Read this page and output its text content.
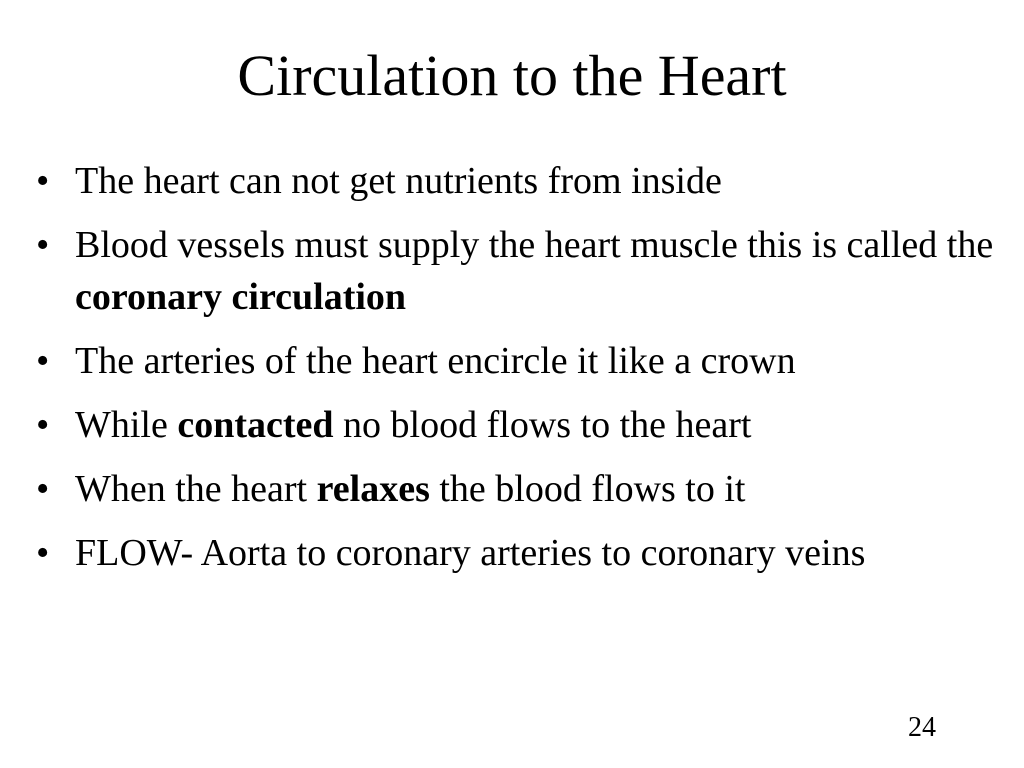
Circulation to the Heart
• The heart can not get nutrients from inside
• Blood vessels must supply the heart muscle this is called the coronary circulation
• The arteries of the heart encircle it like a crown
• While contacted no blood flows to the heart
• When the heart relaxes the blood flows to it
• FLOW- Aorta to coronary arteries to coronary veins
24
